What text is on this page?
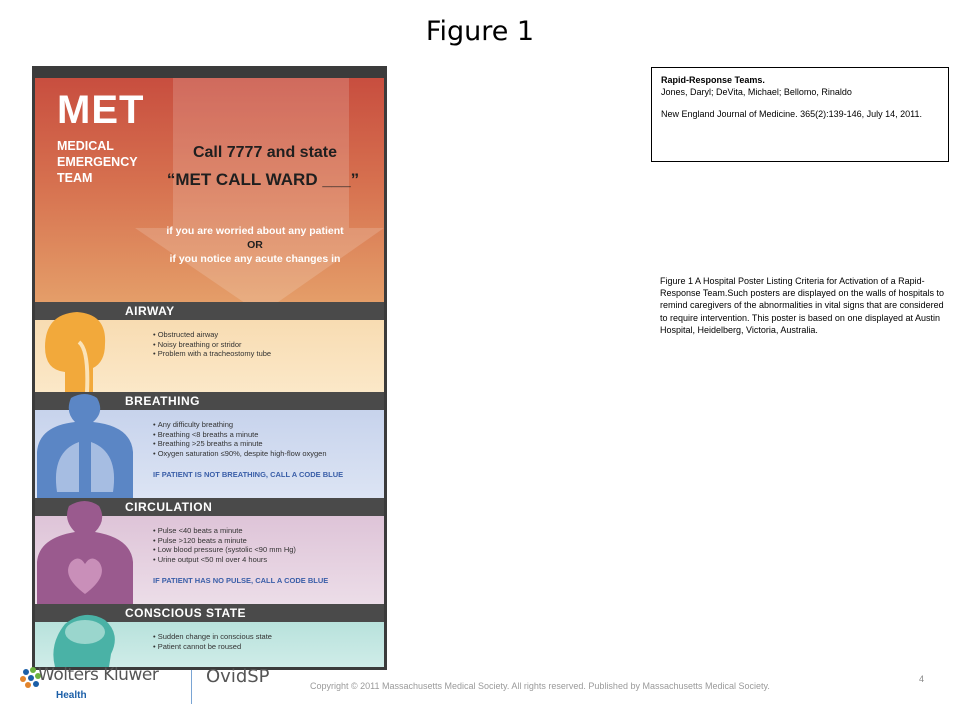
Figure 1
MET
MEDICAL
EMERGENCY
TEAM
Call 7777 and state
“MET CALL WARD ___”
if you are worried about any patient
OR
if you notice any acute changes in
AIRWAY
• Obstructed airway
• Noisy breathing or stridor
• Problem with a tracheostomy tube
BREATHING
• Any difficulty breathing
• Breathing <8 breaths a minute
• Breathing >25 breaths a minute
• Oxygen saturation ≤90%, despite high-flow oxygen
IF PATIENT IS NOT BREATHING, CALL A CODE BLUE
CIRCULATION
• Pulse <40 beats a minute
• Pulse >120 beats a minute
• Low blood pressure (systolic <90 mm Hg)
• Urine output <50 ml over 4 hours
IF PATIENT HAS NO PULSE, CALL A CODE BLUE
CONSCIOUS STATE
• Sudden change in conscious state
• Patient cannot be roused
Rapid-Response Teams.
Jones, Daryl; DeVita, Michael; Bellomo, Rinaldo
New England Journal of Medicine. 365(2):139-146, July 14, 2011.
Figure 1 A Hospital Poster Listing Criteria for Activation of a Rapid-Response Team.Such posters are displayed on the walls of hospitals to remind caregivers of the abnormalities in vital signs that are considered to require intervention. This poster is based on one displayed at Austin Hospital, Heidelberg, Victoria, Australia.
Wolters Kluwer
Health
OvidSP	Copyright © 2011 Massachusetts Medical Society. All rights reserved. Published by Massachusetts Medical Society.
4
